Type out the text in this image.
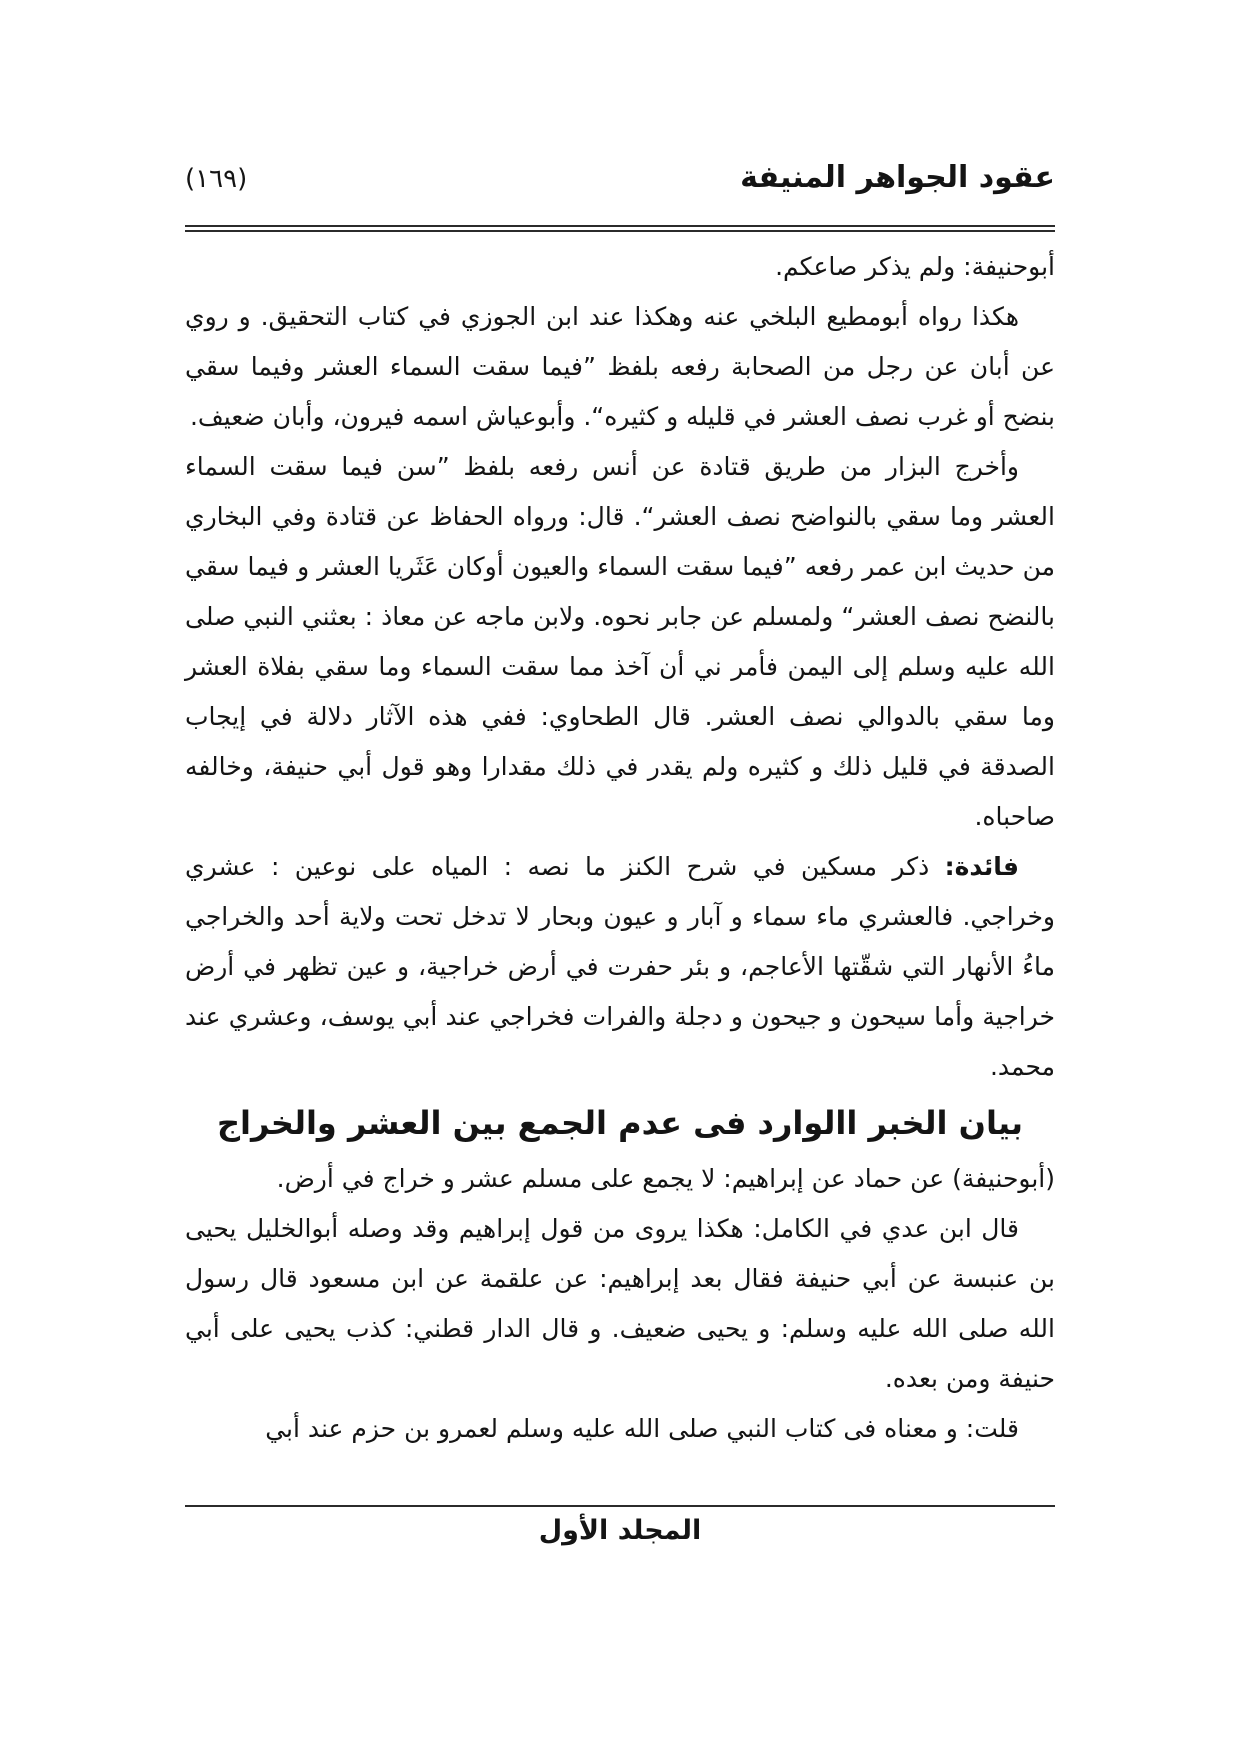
عقود الجواهر المنيفة
(١٦٩)

أبوحنيفة: ولم يذكر صاعكم.

هكذا رواه أبومطيع البلخي عنه وهكذا عند ابن الجوزي في كتاب التحقيق. و روي عن أبان عن رجل من الصحابة رفعه بلفظ ”فيما سقت السماء العشر وفيما سقي بنضح أو غرب نصف العشر في قليله و كثيره“. وأبوعياش اسمه فيرون، وأبان ضعيف.

وأخرج البزار من طريق قتادة عن أنس رفعه بلفظ ”سن فيما سقت السماء العشر وما سقي بالنواضح نصف العشر“. قال: ورواه الحفاظ عن قتادة وفي البخاري من حديث ابن عمر رفعه ”فيما سقت السماء والعيون أوكان عَثَريا العشر و فيما سقي بالنضح نصف العشر“ ولمسلم عن جابر نحوه. ولابن ماجه عن معاذ : بعثني النبي صلى الله عليه وسلم إلى اليمن فأمر ني أن آخذ مما سقت السماء وما سقي بفلاة العشر وما سقي بالدوالي نصف العشر. قال الطحاوي: ففي هذه الآثار دلالة في إيجاب الصدقة في قليل ذلك و كثيره ولم يقدر في ذلك مقدارا وهو قول أبي حنيفة، وخالفه صاحباه.

فائدة: ذكر مسكين في شرح الكنز ما نصه : المياه على نوعين : عشري وخراجي. فالعشري ماء سماء و آبار و عيون وبحار لا تدخل تحت ولاية أحد والخراجي ماءُ الأنهار التي شقّتها الأعاجم، و بئر حفرت في أرض خراجية، و عين تظهر في أرض خراجية وأما سيحون و جيحون و دجلة والفرات فخراجي عند أبي يوسف، وعشري عند محمد.

بيان الخبر االوارد فى عدم الجمع بين العشر والخراج

(أبوحنيفة) عن حماد عن إبراهيم: لا يجمع على مسلم عشر و خراج في أرض.

قال ابن عدي في الكامل: هكذا يروى من قول إبراهيم وقد وصله أبوالخليل يحيى بن عنبسة عن أبي حنيفة فقال بعد إبراهيم: عن علقمة عن ابن مسعود قال رسول الله صلى الله عليه وسلم: و يحيى ضعيف. و قال الدار قطني: كذب يحيى على أبي حنيفة ومن بعده.

قلت: و معناه فى كتاب النبي صلى الله عليه وسلم لعمرو بن حزم عند أبي

المجلد الأول
